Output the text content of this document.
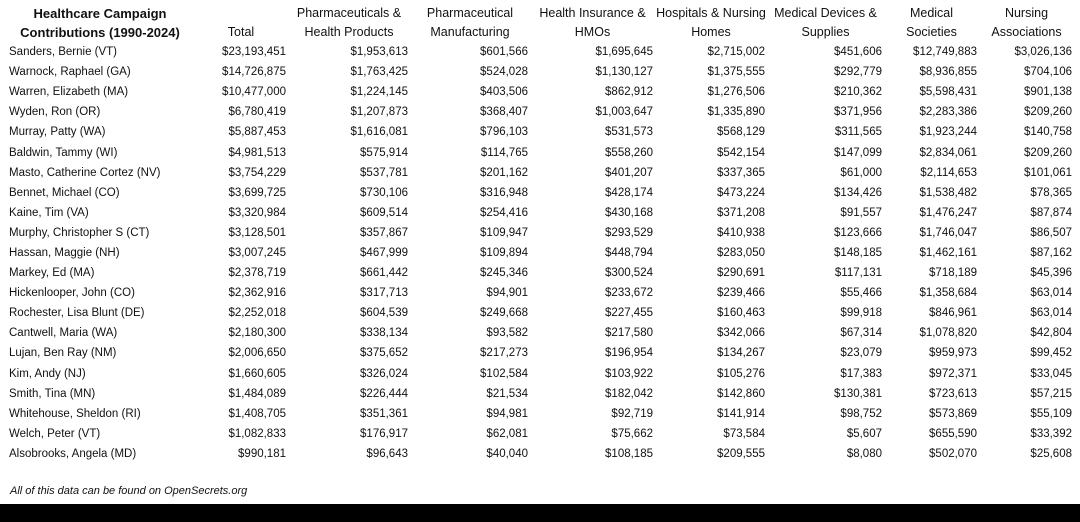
Healthcare Campaign Contributions (1990-2024)	Total	Pharmaceuticals & Health Products	Pharmaceutical Manufacturing	Health Insurance & HMOs	Hospitals & Nursing Homes	Medical Devices & Supplies	Medical Societies	Nursing Associations
Sanders, Bernie (VT)	$23,193,451	$1,953,613	$601,566	$1,695,645	$2,715,002	$451,606	$12,749,883	$3,026,136
Warnock, Raphael (GA)	$14,726,875	$1,763,425	$524,028	$1,130,127	$1,375,555	$292,779	$8,936,855	$704,106
Warren, Elizabeth (MA)	$10,477,000	$1,224,145	$403,506	$862,912	$1,276,506	$210,362	$5,598,431	$901,138
Wyden, Ron (OR)	$6,780,419	$1,207,873	$368,407	$1,003,647	$1,335,890	$371,956	$2,283,386	$209,260
Murray, Patty (WA)	$5,887,453	$1,616,081	$796,103	$531,573	$568,129	$311,565	$1,923,244	$140,758
Baldwin, Tammy (WI)	$4,981,513	$575,914	$114,765	$558,260	$542,154	$147,099	$2,834,061	$209,260
Masto, Catherine Cortez (NV)	$3,754,229	$537,781	$201,162	$401,207	$337,365	$61,000	$2,114,653	$101,061
Bennet, Michael (CO)	$3,699,725	$730,106	$316,948	$428,174	$473,224	$134,426	$1,538,482	$78,365
Kaine, Tim (VA)	$3,320,984	$609,514	$254,416	$430,168	$371,208	$91,557	$1,476,247	$87,874
Murphy, Christopher S (CT)	$3,128,501	$357,867	$109,947	$293,529	$410,938	$123,666	$1,746,047	$86,507
Hassan, Maggie (NH)	$3,007,245	$467,999	$109,894	$448,794	$283,050	$148,185	$1,462,161	$87,162
Markey, Ed (MA)	$2,378,719	$661,442	$245,346	$300,524	$290,691	$117,131	$718,189	$45,396
Hickenlooper, John (CO)	$2,362,916	$317,713	$94,901	$233,672	$239,466	$55,466	$1,358,684	$63,014
Rochester, Lisa Blunt (DE)	$2,252,018	$604,539	$249,668	$227,455	$160,463	$99,918	$846,961	$63,014
Cantwell, Maria (WA)	$2,180,300	$338,134	$93,582	$217,580	$342,066	$67,314	$1,078,820	$42,804
Lujan, Ben Ray (NM)	$2,006,650	$375,652	$217,273	$196,954	$134,267	$23,079	$959,973	$99,452
Kim, Andy (NJ)	$1,660,605	$326,024	$102,584	$103,922	$105,276	$17,383	$972,371	$33,045
Smith, Tina (MN)	$1,484,089	$226,444	$21,534	$182,042	$142,860	$130,381	$723,613	$57,215
Whitehouse, Sheldon (RI)	$1,408,705	$351,361	$94,981	$92,719	$141,914	$98,752	$573,869	$55,109
Welch, Peter (VT)	$1,082,833	$176,917	$62,081	$75,662	$73,584	$5,607	$655,590	$33,392
Alsobrooks, Angela (MD)	$990,181	$96,643	$40,040	$108,185	$209,555	$8,080	$502,070	$25,608
All of this data can be found on OpenSecrets.org
